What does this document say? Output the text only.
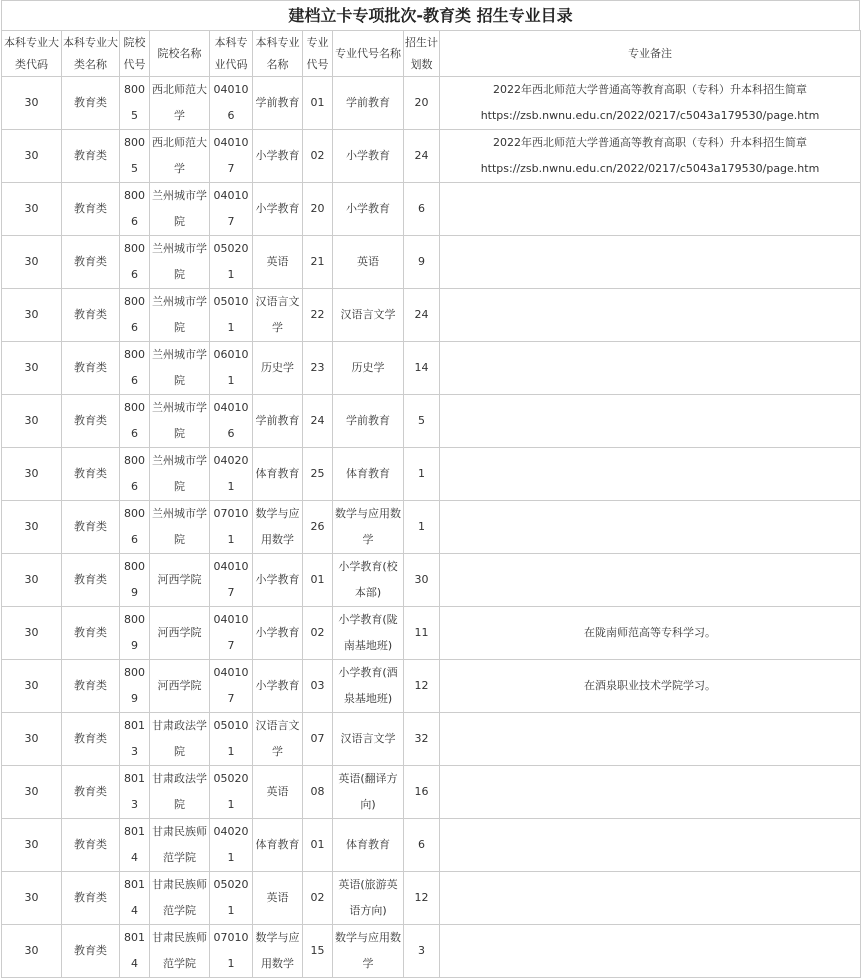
建档立卡专项批次-教育类 招生专业目录
本科专业大类代码	本科专业大类名称	院校代号	院校名称	本科专业代码	本科专业名称	专业代号	专业代号名称	招生计划数	专业备注
30	教育类	8005	西北师范大学	040106	学前教育	01	学前教育	20	2022年西北师范大学普通高等教育高职（专科）升本科招生简章
https://zsb.nwnu.edu.cn/2022/0217/c5043a179530/page.htm

30	教育类	8005	西北师范大学	040107	小学教育	02	小学教育	24	2022年西北师范大学普通高等教育高职（专科）升本科招生简章
https://zsb.nwnu.edu.cn/2022/0217/c5043a179530/page.htm

30	教育类	8006	兰州城市学院	040107	小学教育	20	小学教育	6	
30	教育类	8006	兰州城市学院	050201	英语	21	英语	9	
30	教育类	8006	兰州城市学院	050101	汉语言文学	22	汉语言文学	24	
30	教育类	8006	兰州城市学院	060101	历史学	23	历史学	14	
30	教育类	8006	兰州城市学院	040106	学前教育	24	学前教育	5	
30	教育类	8006	兰州城市学院	040201	体育教育	25	体育教育	1	
30	教育类	8006	兰州城市学院	070101	数学与应用数学	26	数学与应用数学	1	
30	教育类	8009	河西学院	040107	小学教育	01	小学教育(校本部)	30	
30	教育类	8009	河西学院	040107	小学教育	02	小学教育(陇南基地班)	11	在陇南师范高等专科学习。

30	教育类	8009	河西学院	040107	小学教育	03	小学教育(酒泉基地班)	12	在酒泉职业技术学院学习。

30	教育类	8013	甘肃政法学院	050101	汉语言文学	07	汉语言文学	32	
30	教育类	8013	甘肃政法学院	050201	英语	08	英语(翻译方向)	16	
30	教育类	8014	甘肃民族师范学院	040201	体育教育	01	体育教育	6	
30	教育类	8014	甘肃民族师范学院	050201	英语	02	英语(旅游英语方向)	12	
30	教育类	8014	甘肃民族师范学院	070101	数学与应用数学	15	数学与应用数学	3	
